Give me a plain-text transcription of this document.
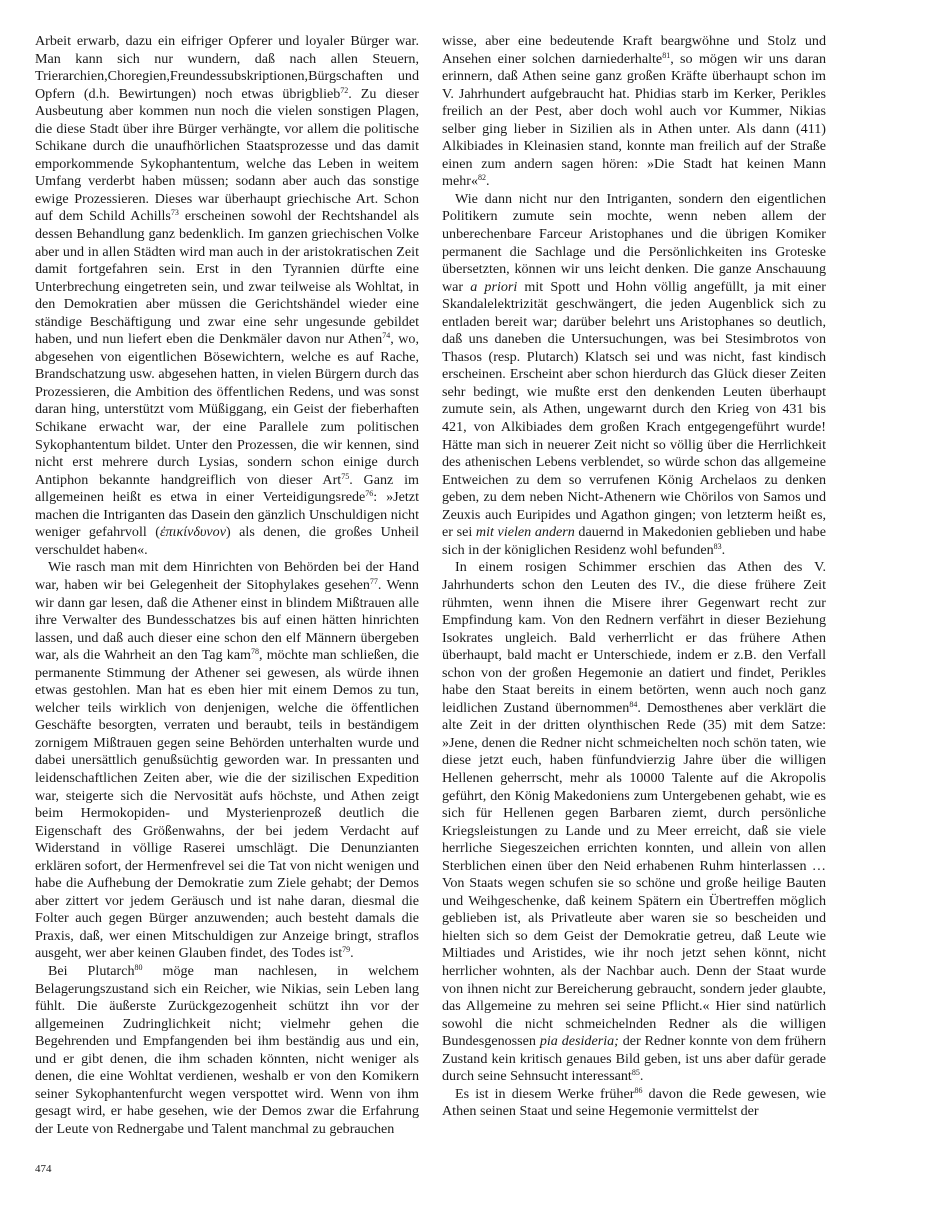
Arbeit erwarb, dazu ein eifriger Opferer und loyaler Bürger war. Man kann sich nur wundern, daß nach allen Steuern, Trierarchien,Choregien,Freundessubskriptionen,Bürgschaften und Opfern (d.h. Bewirtungen) noch etwas übrigblieb$^{72}$. Zu dieser Ausbeutung aber kommen nun noch die vielen sonstigen Plagen, die diese Stadt über ihre Bürger verhängte, vor allem die politische Schikane durch die unaufhörlichen Staatsprozesse und das damit emporkommende Sykophantentum, welche das Leben in weitem Umfang verderbt haben müssen; sodann aber auch das sonstige ewige Prozessieren. Dieses war überhaupt griechische Art. Schon auf dem Schild Achills$^{73}$ erscheinen sowohl der Rechtshandel als dessen Behandlung ganz bedenklich. Im ganzen griechischen Volke aber und in allen Städten wird man auch in der aristokratischen Zeit damit fortgefahren sein. Erst in den Tyrannien dürfte eine Unterbrechung eingetreten sein, und zwar teilweise als Wohltat, in den Demokratien aber müssen die Gerichtshändel wieder eine ständige Beschäftigung und zwar eine sehr ungesunde gebildet haben, und nun liefert eben die Denkmäler davon nur Athen$^{74}$, wo, abgesehen von eigentlichen Bösewichtern, welche es auf Rache, Brandschatzung usw. abgesehen hatten, in vielen Bürgern durch das Prozessieren, die Ambition des öffentlichen Redens, und was sonst daran hing, unterstützt vom Müßiggang, ein Geist der fieberhaften Schikane erwacht war, der eine Parallele zum politischen Sykophantentum bildet. Unter den Prozessen, die wir kennen, sind nicht erst mehrere durch Lysias, sondern schon einige durch Antiphon bekannte handgreiflich von dieser Art$^{75}$. Ganz im allgemeinen heißt es etwa in einer Verteidigungsrede$^{76}$: »Jetzt machen die Intriganten das Dasein den gänzlich Unschuldigen nicht weniger gefahrvoll (ἐπικίνδυνον) als denen, die großes Unheil verschuldet haben«.

Wie rasch man mit dem Hinrichten von Behörden bei der Hand war, haben wir bei Gelegenheit der Sitophylakes gesehen$^{77}$. Wenn wir dann gar lesen, daß die Athener einst in blindem Mißtrauen alle ihre Verwalter des Bundesschatzes bis auf einen hätten hinrichten lassen, und daß auch dieser eine schon den elf Männern übergeben war, als die Wahrheit an den Tag kam$^{78}$, möchte man schließen, die permanente Stimmung der Athener sei gewesen, als würde ihnen etwas gestohlen. Man hat es eben hier mit einem Demos zu tun, welcher teils wirklich von denjenigen, welche die öffentlichen Geschäfte besorgten, verraten und beraubt, teils in beständigem zornigem Mißtrauen gegen seine Behörden unterhalten wurde und dabei unersättlich genußsüchtig geworden war. In pressanten und leidenschaftlichen Zeiten aber, wie die der sizilischen Expedition war, steigerte sich die Nervosität aufs höchste, und Athen zeigt beim Hermokopiden- und Mysterienprozeß deutlich die Eigenschaft des Größenwahns, der bei jedem Verdacht auf Widerstand in völlige Raserei umschlägt. Die Denunzianten erklären sofort, der Hermenfrevel sei die Tat von nicht wenigen und habe die Aufhebung der Demokratie zum Ziele gehabt; der Demos aber zittert vor jedem Geräusch und ist nahe daran, diesmal die Folter auch gegen Bürger anzuwenden; auch besteht damals die Praxis, daß, wer einen Mitschuldigen zur Anzeige bringt, straflos ausgeht, wer aber keinen Glauben findet, des Todes ist$^{79}$.

Bei Plutarch$^{80}$ möge man nachlesen, in welchem Belagerungszustand sich ein Reicher, wie Nikias, sein Leben lang fühlt. Die äußerste Zurückgezogenheit schützt ihn vor der allgemeinen Zudringlichkeit nicht; vielmehr gehen die Begehrenden und Empfangenden bei ihm beständig aus und ein, und er gibt denen, die ihm schaden könnten, nicht weniger als denen, die eine Wohltat verdienen, weshalb er von den Komikern seiner Sykophantenfurcht wegen verspottet wird. Wenn von ihm gesagt wird, er habe gesehen, wie der Demos zwar die Erfahrung der Leute von Rednergabe und Talent manchmal zu gebrauchen

wisse, aber eine bedeutende Kraft beargwöhne und Stolz und Ansehen einer solchen darniederhalte$^{81}$, so mögen wir uns daran erinnern, daß Athen seine ganz großen Kräfte überhaupt schon im V. Jahrhundert aufgebraucht hat. Phidias starb im Kerker, Perikles freilich an der Pest, aber doch wohl auch vor Kummer, Nikias selber ging lieber in Sizilien als in Athen unter. Als dann (411) Alkibiades in Kleinasien stand, konnte man freilich auf der Straße einen zum andern sagen hören: »Die Stadt hat keinen Mann mehr«$^{82}$.

Wie dann nicht nur den Intriganten, sondern den eigentlichen Politikern zumute sein mochte, wenn neben allem der unberechenbare Farceur Aristophanes und die übrigen Komiker permanent die Sachlage und die Persönlichkeiten ins Groteske übersetzten, können wir uns leicht denken. Die ganze Anschauung war a priori mit Spott und Hohn völlig angefüllt, ja mit einer Skandalelektrizität geschwängert, die jeden Augenblick sich zu entladen bereit war; darüber belehrt uns Aristophanes so deutlich, daß uns daneben die Untersuchungen, was bei Stesimbrotos von Thasos (resp. Plutarch) Klatsch sei und was nicht, fast kindisch erscheinen. Erscheint aber schon hierdurch das Glück dieser Zeiten sehr bedingt, wie mußte erst den denkenden Leuten überhaupt zumute sein, als Athen, ungewarnt durch den Krieg von 431 bis 421, von Alkibiades dem großen Krach entgegengeführt wurde! Hätte man sich in neuerer Zeit nicht so völlig über die Herrlichkeit des athenischen Lebens verblendet, so würde schon das allgemeine Entweichen zu dem so verrufenen König Archelaos zu denken geben, zu dem neben Nicht-Athenern wie Chörilos von Samos und Zeuxis auch Euripides und Agathon gingen; von letzterm heißt es, er sei mit vielen andern dauernd in Makedonien geblieben und habe sich in der königlichen Residenz wohl befunden$^{83}$.

In einem rosigen Schimmer erschien das Athen des V. Jahrhunderts schon den Leuten des IV., die diese frühere Zeit rühmten, wenn ihnen die Misere ihrer Gegenwart recht zur Empfindung kam. Von den Rednern verfährt in dieser Beziehung Isokrates ungleich. Bald verherrlicht er das frühere Athen überhaupt, bald macht er Unterschiede, indem er z.B. den Verfall schon von der großen Hegemonie an datiert und findet, Perikles habe den Staat bereits in einem betörten, wenn auch noch ganz leidlichen Zustand übernommen$^{84}$. Demosthenes aber verklärt die alte Zeit in der dritten olynthischen Rede (35) mit dem Satze: »Jene, denen die Redner nicht schmeichelten noch schön taten, wie diese jetzt euch, haben fünfundvierzig Jahre über die willigen Hellenen geherrscht, mehr als 10000 Talente auf die Akropolis geführt, den König Makedoniens zum Untergebenen gehabt, wie es sich für Hellenen gegen Barbaren ziemt, durch persönliche Kriegsleistungen zu Lande und zu Meer erreicht, daß sie viele herrliche Siegeszeichen errichten konnten, und allein von allen Sterblichen einen über den Neid erhabenen Ruhm hinterlassen … Von Staats wegen schufen sie so schöne und große heilige Bauten und Weihgeschenke, daß keinem Spätern ein Übertreffen möglich geblieben ist, als Privatleute aber waren sie so bescheiden und hielten sich so dem Geist der Demokratie getreu, daß Leute wie Miltiades und Aristides, wie ihr noch jetzt sehen könnt, nicht herrlicher wohnten, als der Nachbar auch. Denn der Staat wurde von ihnen nicht zur Bereicherung gebraucht, sondern jeder glaubte, das Allgemeine zu mehren sei seine Pflicht.« Hier sind natürlich sowohl die nicht schmeichelnden Redner als die willigen Bundesgenossen pia desideria; der Redner konnte von dem frühern Zustand kein kritisch genaues Bild geben, ist uns aber dafür gerade durch seine Sehnsucht interessant$^{85}$.

Es ist in diesem Werke früher$^{86}$ davon die Rede gewesen, wie Athen seinen Staat und seine Hegemonie vermittelst der

474
